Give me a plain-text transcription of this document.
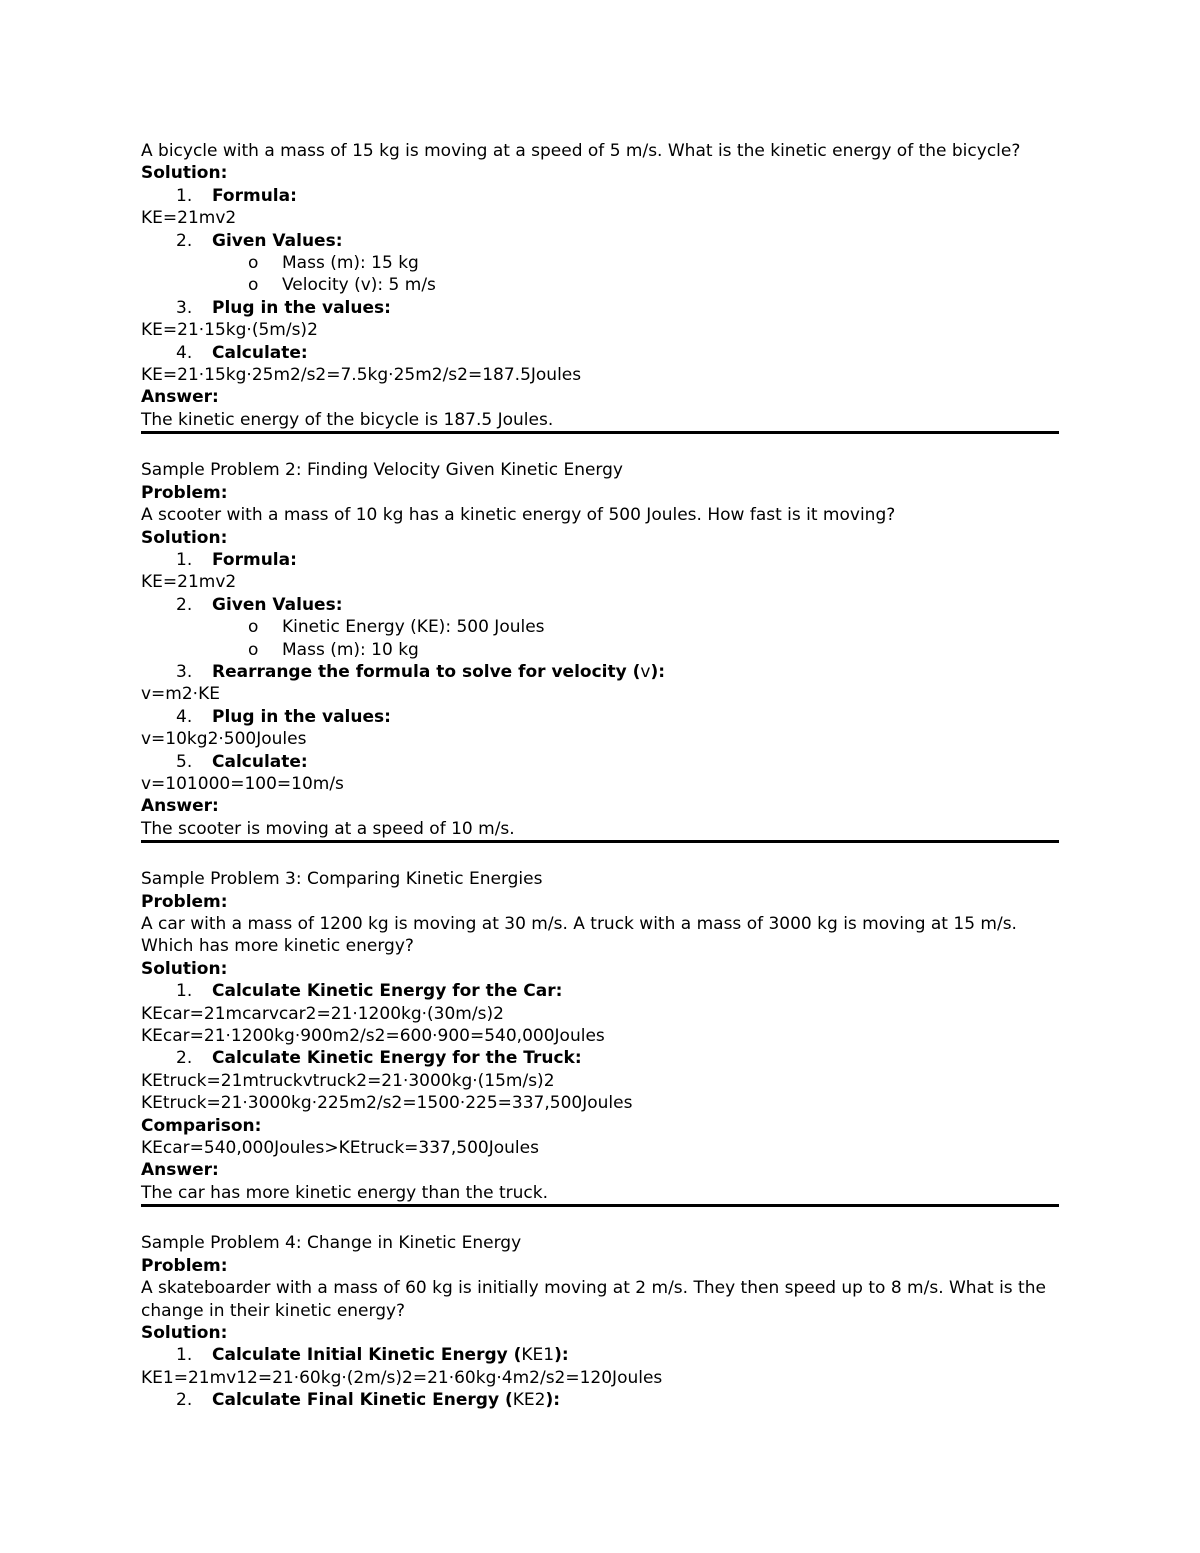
A bicycle with a mass of 15 kg is moving at a speed of 5 m/s. What is the kinetic energy of the bicycle?

Solution:

1. Formula:

KE=21mv2

2. Given Values:

o Mass (m): 15 kg

o Velocity (v): 5 m/s

3. Plug in the values:

KE=21⋅15kg⋅(5m/s)2

4. Calculate:

KE=21⋅15kg⋅25m2/s2=7.5kg⋅25m2/s2=187.5Joules

Answer:

The kinetic energy of the bicycle is 187.5 Joules.

Sample Problem 2: Finding Velocity Given Kinetic Energy

Problem:

A scooter with a mass of 10 kg has a kinetic energy of 500 Joules. How fast is it moving?

Solution:

1. Formula:

KE=21mv2

2. Given Values:

o Kinetic Energy (KE): 500 Joules

o Mass (m): 10 kg

3. Rearrange the formula to solve for velocity (v):

v=m2⋅KE

4. Plug in the values:

v=10kg2⋅500Joules

5. Calculate:

v=101000=100=10m/s

Answer:

The scooter is moving at a speed of 10 m/s.

Sample Problem 3: Comparing Kinetic Energies

Problem:

A car with a mass of 1200 kg is moving at 30 m/s. A truck with a mass of 3000 kg is moving at 15 m/s. Which has more kinetic energy?

Solution:

1. Calculate Kinetic Energy for the Car:

KEcar=21mcarvcar2=21⋅1200kg⋅(30m/s)2

KEcar=21⋅1200kg⋅900m2/s2=600⋅900=540,000Joules

2. Calculate Kinetic Energy for the Truck:

KEtruck=21mtruckvtruck2=21⋅3000kg⋅(15m/s)2

KEtruck=21⋅3000kg⋅225m2/s2=1500⋅225=337,500Joules

Comparison:

KEcar=540,000Joules>KEtruck=337,500Joules

Answer:

The car has more kinetic energy than the truck.

Sample Problem 4: Change in Kinetic Energy

Problem:

A skateboarder with a mass of 60 kg is initially moving at 2 m/s. They then speed up to 8 m/s. What is the change in their kinetic energy?

Solution:

1. Calculate Initial Kinetic Energy (KE1):

KE1=21mv12=21⋅60kg⋅(2m/s)2=21⋅60kg⋅4m2/s2=120Joules

2. Calculate Final Kinetic Energy (KE2):
